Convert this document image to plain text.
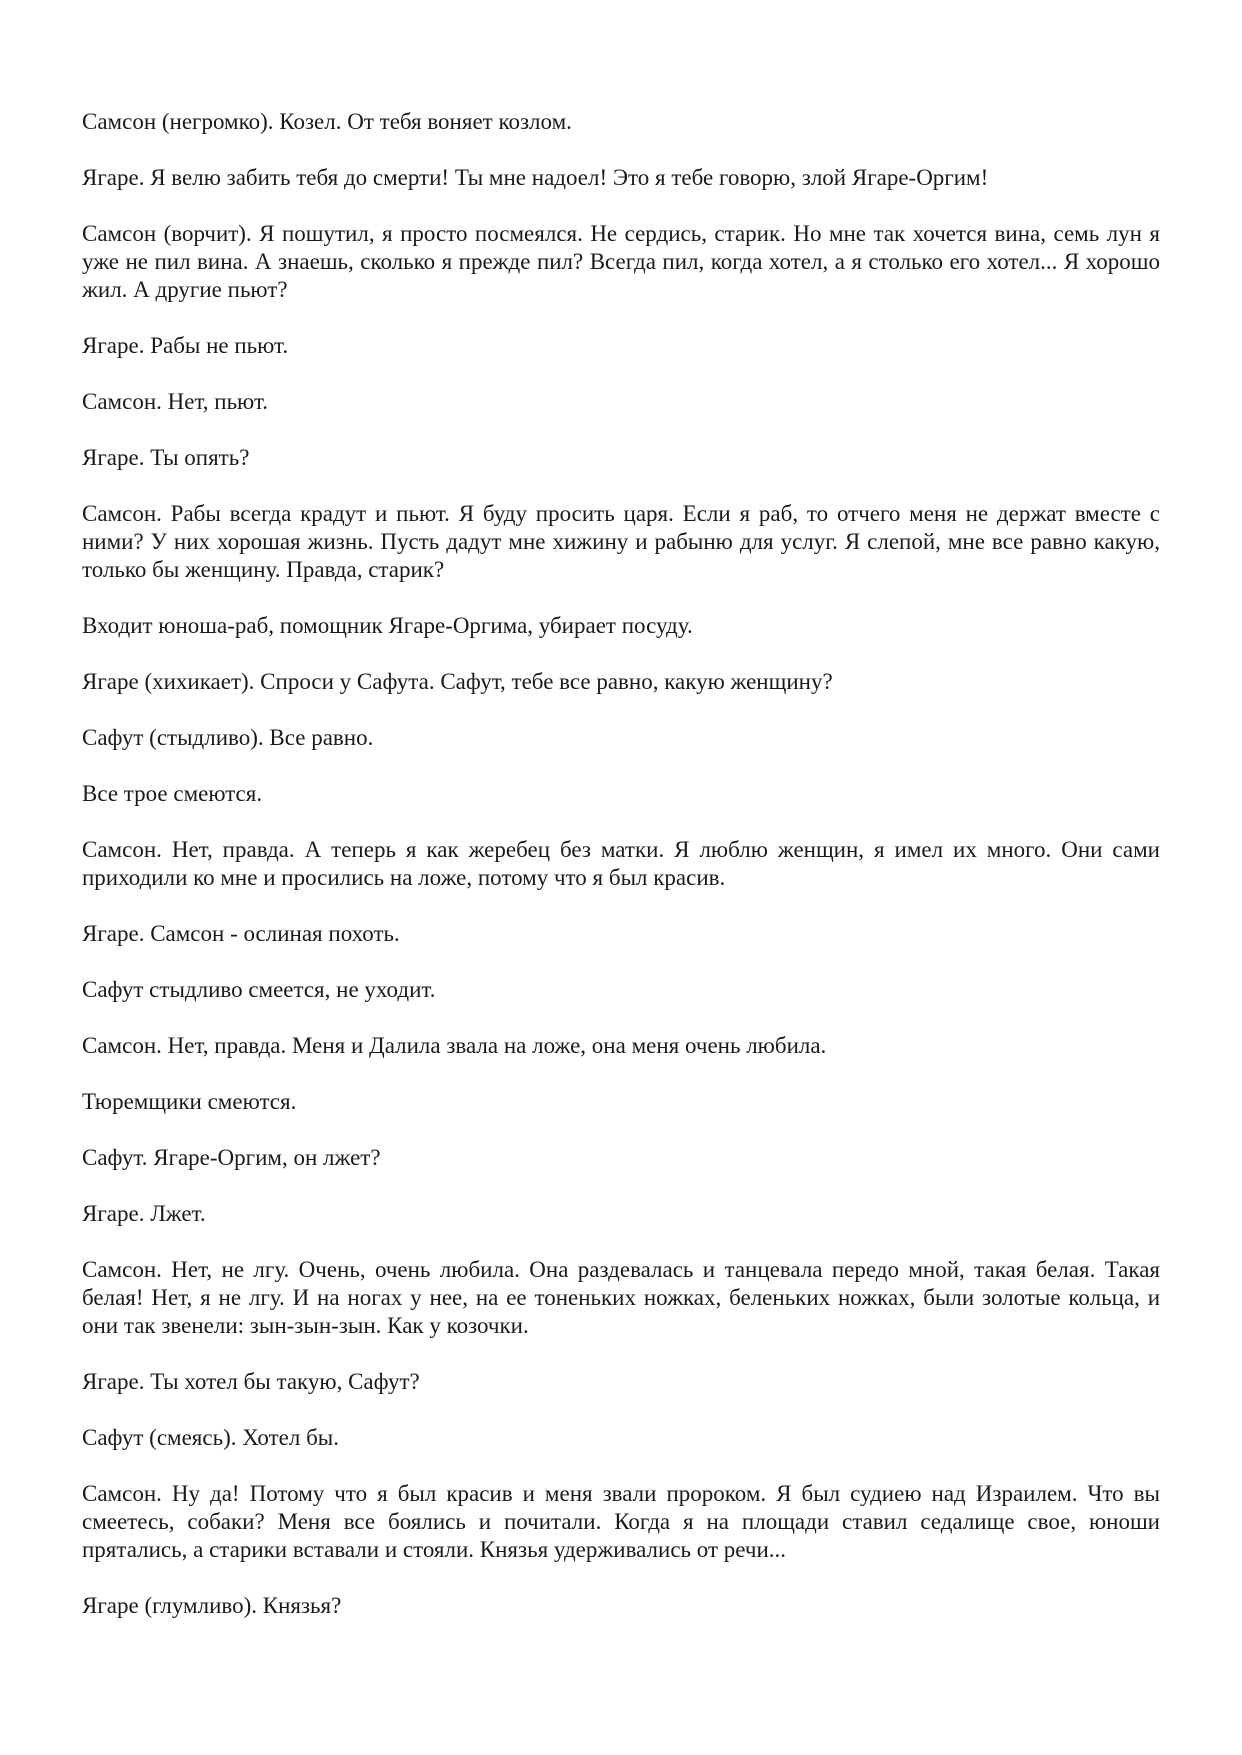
Самсон (негромко). Козел. От тебя воняет козлом.

Ягаре. Я велю забить тебя до смерти! Ты мне надоел! Это я тебе говорю, злой Ягаре-Оргим!

Самсон (ворчит). Я пошутил, я просто посмеялся. Не сердись, старик. Но мне так хочется вина, семь лун я уже не пил вина. А знаешь, сколько я прежде пил? Всегда пил, когда хотел, а я столько его хотел... Я хорошо жил. А другие пьют?

Ягаре. Рабы не пьют.

Самсон. Нет, пьют.

Ягаре. Ты опять?

Самсон. Рабы всегда крадут и пьют. Я буду просить царя. Если я раб, то отчего меня не держат вместе с ними? У них хорошая жизнь. Пусть дадут мне хижину и рабыню для услуг. Я слепой, мне все равно какую, только бы женщину. Правда, старик?

Входит юноша-раб, помощник Ягаре-Оргима, убирает посуду.

Ягаре (хихикает). Спроси у Сафута. Сафут, тебе все равно, какую женщину?

Сафут (стыдливо). Все равно.

Все трое смеются.

Самсон. Нет, правда. А теперь я как жеребец без матки. Я люблю женщин, я имел их много. Они сами приходили ко мне и просились на ложе, потому что я был красив.

Ягаре. Самсон - ослиная похоть.

Сафут стыдливо смеется, не уходит.

Самсон. Нет, правда. Меня и Далила звала на ложе, она меня очень любила.

Тюремщики смеются.

Сафут. Ягаре-Оргим, он лжет?

Ягаре. Лжет.

Самсон. Нет, не лгу. Очень, очень любила. Она раздевалась и танцевала передо мной, такая белая. Такая белая! Нет, я не лгу. И на ногах у нее, на ее тоненьких ножках, беленьких ножках, были золотые кольца, и они так звенели: зын-зын-зын. Как у козочки.

Ягаре. Ты хотел бы такую, Сафут?

Сафут (смеясь). Хотел бы.

Самсон. Ну да! Потому что я был красив и меня звали пророком. Я был судиею над Израилем. Что вы смеетесь, собаки? Меня все боялись и почитали. Когда я на площади ставил седалище свое, юноши прятались, а старики вставали и стояли. Князья удерживались от речи...

Ягаре (глумливо). Князья?
